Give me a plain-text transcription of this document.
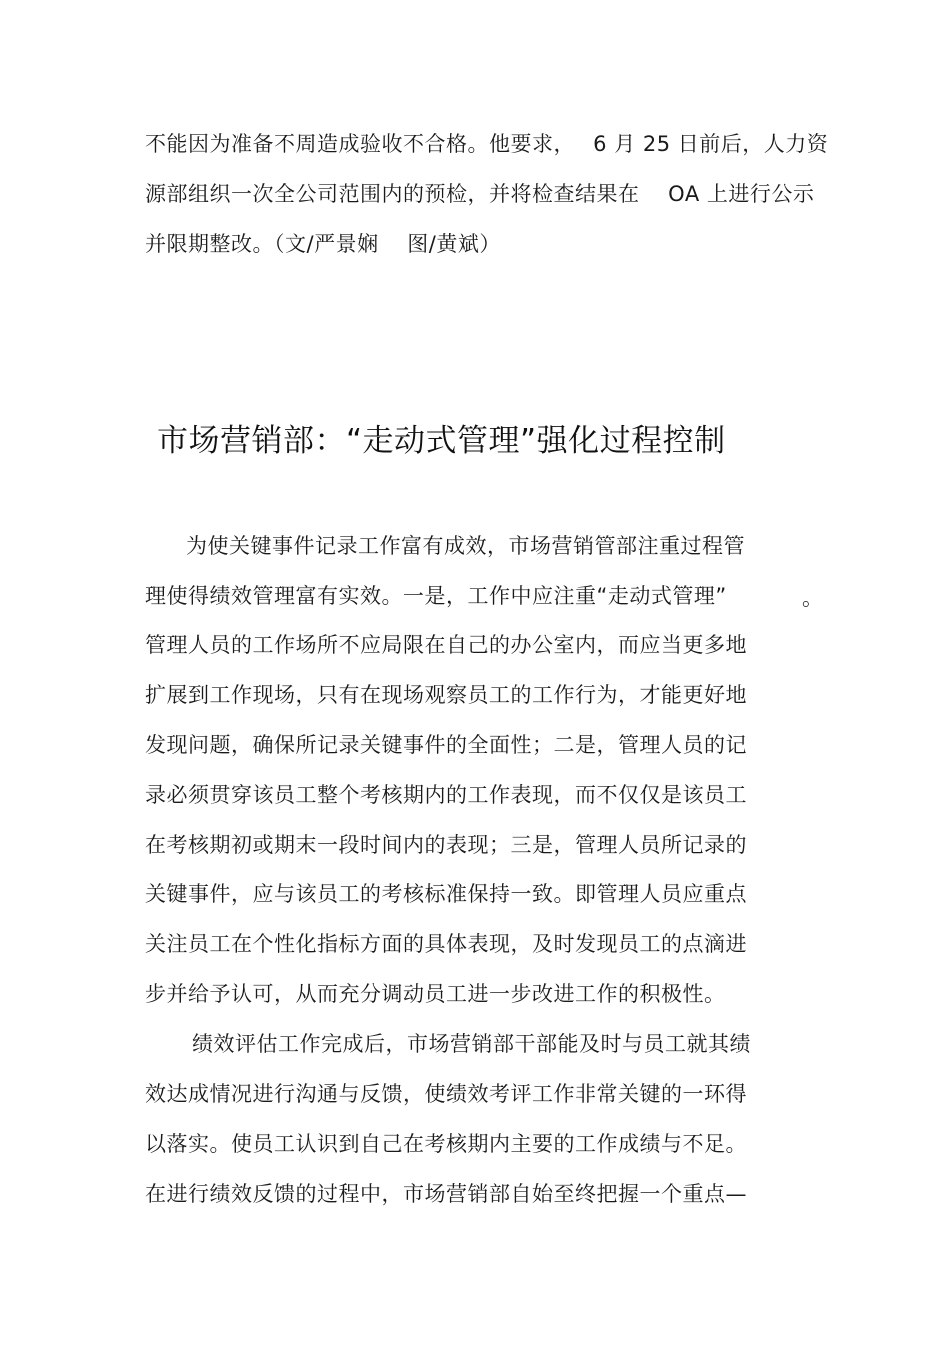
不能因为准备不周造成验收不合格。他要求，　 6 月 25 日前后，人力资
源部组织一次全公司范围内的预检，并将检查结果在　 OA 上进行公示
并限期整改。（文/严景娴　 图/黄斌）
市场营销部：“走动式管理”强化过程控制
为使关键事件记录工作富有成效，市场营销管部注重过程管
理使得绩效管理富有实效。一是，工作中应注重“走动式管理”	。
管理人员的工作场所不应局限在自己的办公室内，而应当更多地
扩展到工作现场，只有在现场观察员工的工作行为，才能更好地
发现问题，确保所记录关键事件的全面性；二是，管理人员的记
录必须贯穿该员工整个考核期内的工作表现，而不仅仅是该员工
在考核期初或期末一段时间内的表现；三是，管理人员所记录的
关键事件，应与该员工的考核标准保持一致。即管理人员应重点
关注员工在个性化指标方面的具体表现，及时发现员工的点滴进
步并给予认可，从而充分调动员工进一步改进工作的积极性。
绩效评估工作完成后，市场营销部干部能及时与员工就其绩
效达成情况进行沟通与反馈，使绩效考评工作非常关键的一环得
以落实。使员工认识到自己在考核期内主要的工作成绩与不足。
在进行绩效反馈的过程中，市场营销部自始至终把握一个重点—
